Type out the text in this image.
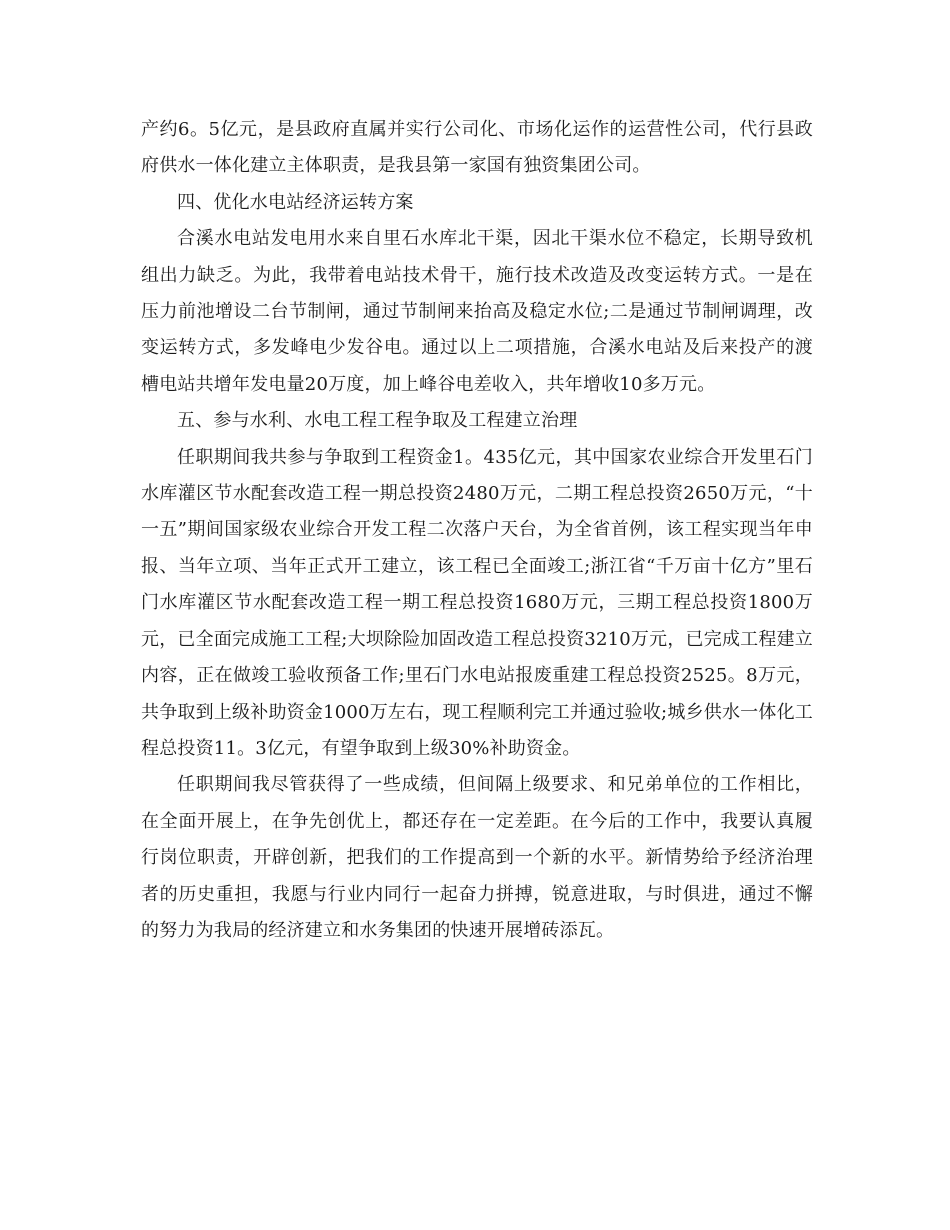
产约6。5亿元，是县政府直属并实行公司化、市场化运作的运营性公司，代行县政府供水一体化建立主体职责，是我县第一家国有独资集团公司。

四、优化水电站经济运转方案

合溪水电站发电用水来自里石水库北干渠，因北干渠水位不稳定，长期导致机组出力缺乏。为此，我带着电站技术骨干，施行技术改造及改变运转方式。一是在压力前池增设二台节制闸，通过节制闸来抬高及稳定水位;二是通过节制闸调理，改变运转方式，多发峰电少发谷电。通过以上二项措施，合溪水电站及后来投产的渡槽电站共增年发电量20万度，加上峰谷电差收入，共年增收10多万元。

五、参与水利、水电工程工程争取及工程建立治理

任职期间我共参与争取到工程资金1。435亿元，其中国家农业综合开发里石门水库灌区节水配套改造工程一期总投资2480万元，二期工程总投资2650万元，“十一五”期间国家级农业综合开发工程二次落户天台，为全省首例，该工程实现当年申报、当年立项、当年正式开工建立，该工程已全面竣工;浙江省“千万亩十亿方”里石门水库灌区节水配套改造工程一期工程总投资1680万元，三期工程总投资1800万元，已全面完成施工工程;大坝除险加固改造工程总投资3210万元，已完成工程建立内容，正在做竣工验收预备工作;里石门水电站报废重建工程总投资2525。8万元，共争取到上级补助资金1000万左右，现工程顺利完工并通过验收;城乡供水一体化工程总投资11。3亿元，有望争取到上级30%补助资金。

任职期间我尽管获得了一些成绩，但间隔上级要求、和兄弟单位的工作相比，在全面开展上，在争先创优上，都还存在一定差距。在今后的工作中，我要认真履行岗位职责，开辟创新，把我们的工作提高到一个新的水平。新情势给予经济治理者的历史重担，我愿与行业内同行一起奋力拼搏，锐意进取，与时俱进，通过不懈的努力为我局的经济建立和水务集团的快速开展增砖添瓦。
